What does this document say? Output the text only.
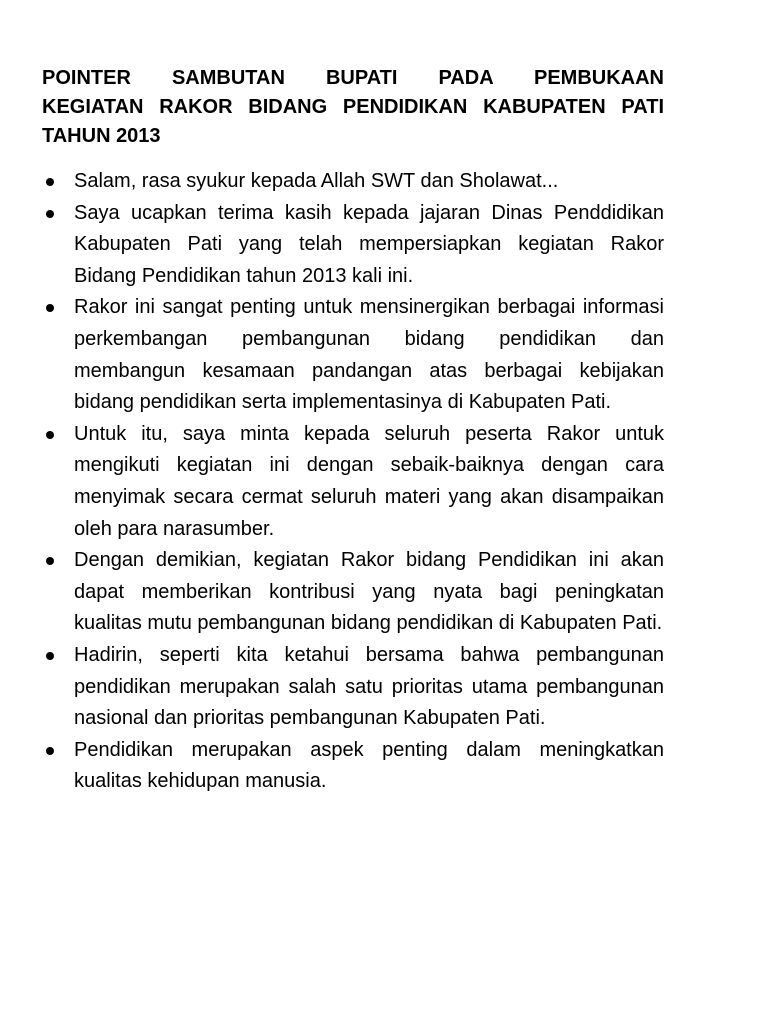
POINTER SAMBUTAN BUPATI PADA PEMBUKAAN
KEGIATAN RAKOR BIDANG PENDIDIKAN KABUPATEN PATI
TAHUN 2013
Salam, rasa syukur kepada Allah SWT dan Sholawat...
Saya ucapkan terima kasih kepada jajaran Dinas Penddidikan Kabupaten Pati yang telah mempersiapkan kegiatan Rakor Bidang Pendidikan tahun 2013 kali ini.
Rakor ini sangat penting untuk mensinergikan berbagai informasi perkembangan pembangunan bidang pendidikan dan membangun kesamaan pandangan atas berbagai kebijakan bidang pendidikan serta implementasinya di Kabupaten Pati.
Untuk itu, saya minta kepada seluruh peserta Rakor untuk mengikuti kegiatan ini dengan sebaik-baiknya dengan cara menyimak secara cermat seluruh materi yang akan disampaikan oleh para narasumber.
Dengan demikian, kegiatan Rakor bidang Pendidikan ini akan dapat memberikan kontribusi yang nyata bagi peningkatan kualitas mutu pembangunan bidang pendidikan di Kabupaten Pati.
Hadirin, seperti kita ketahui bersama bahwa pembangunan pendidikan merupakan salah satu prioritas utama pembangunan nasional dan prioritas pembangunan Kabupaten Pati.
Pendidikan merupakan aspek penting dalam meningkatkan kualitas kehidupan manusia.
